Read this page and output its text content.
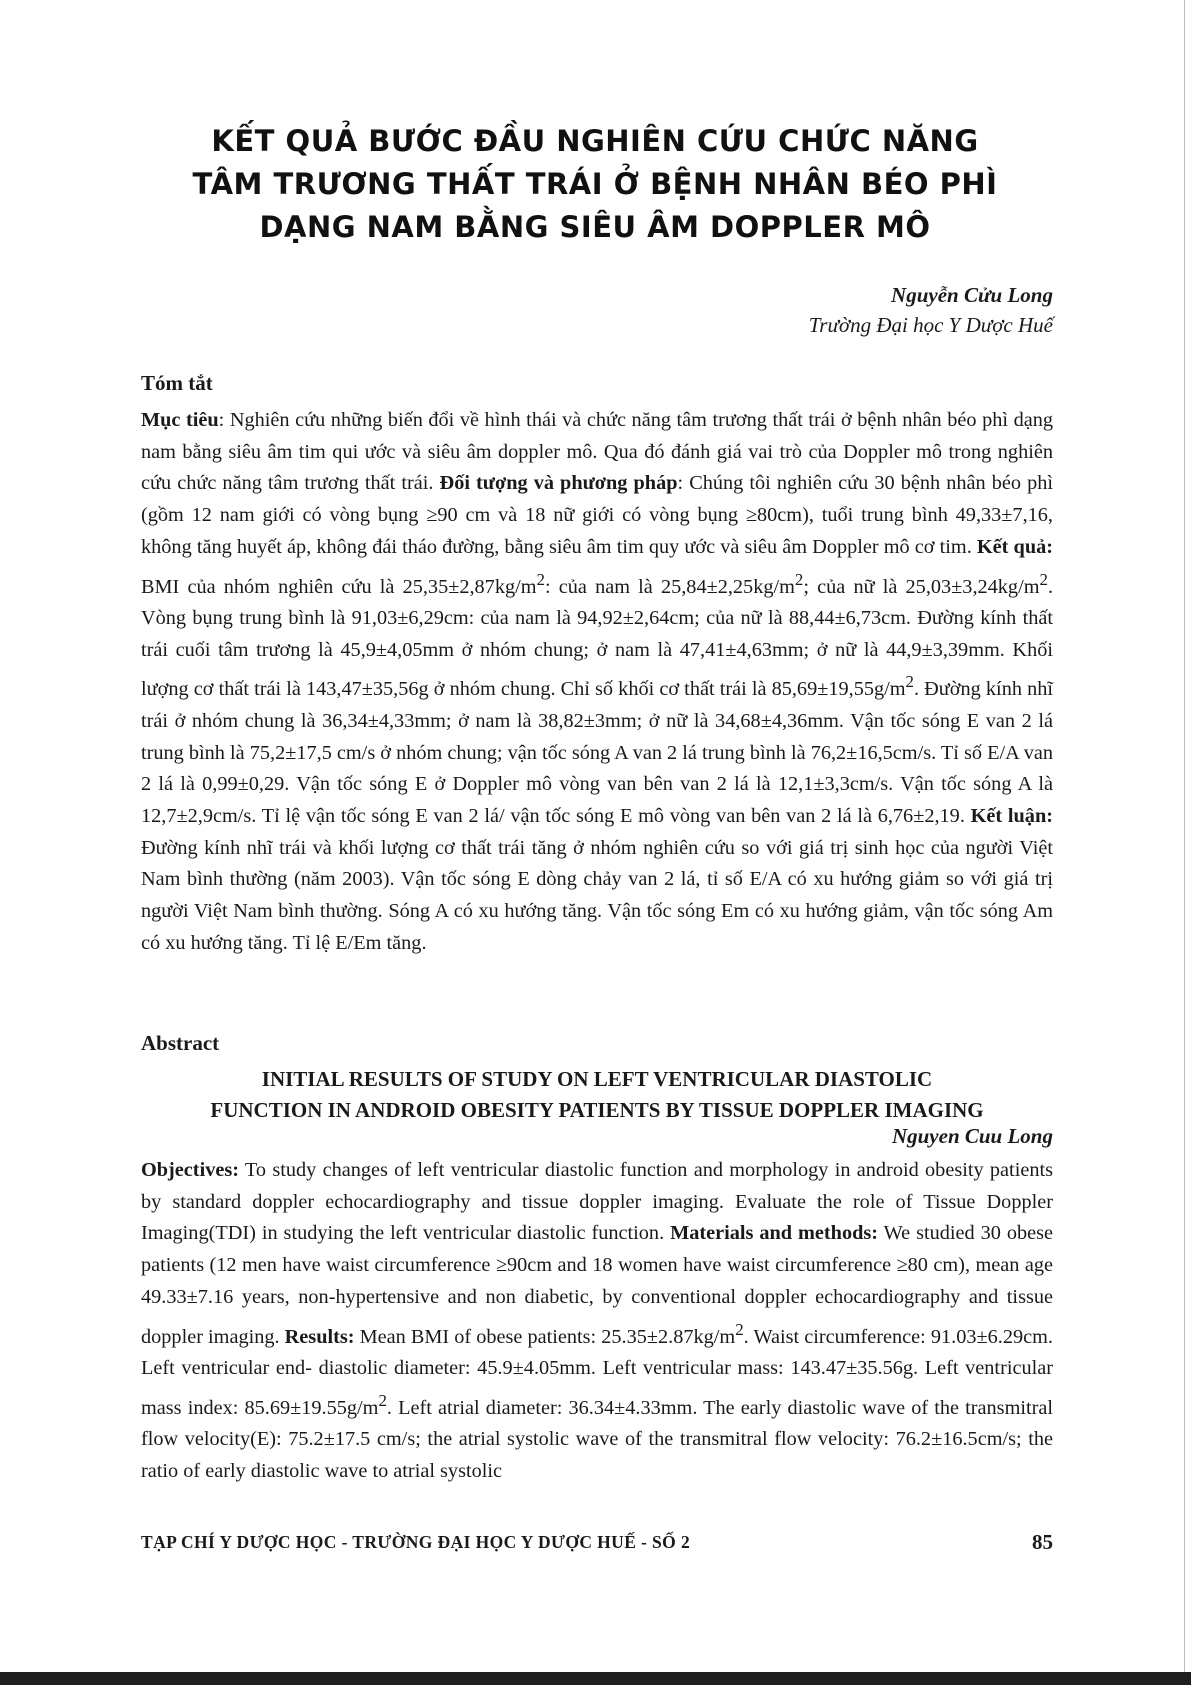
KẾT QUẢ BƯỚC ĐẦU NGHIÊN CỨU CHỨC NĂNG
TÂM TRƯƠNG THẤT TRÁI Ở BỆNH NHÂN BÉO PHÌ
DẠNG NAM BẰNG SIÊU ÂM DOPPLER MÔ
Nguyễn Cửu Long
Trường Đại học Y Dược Huế
Tóm tắt
Mục tiêu: Nghiên cứu những biến đổi về hình thái và chức năng tâm trương thất trái ở bệnh nhân béo phì dạng nam bằng siêu âm tim qui ước và siêu âm doppler mô. Qua đó đánh giá vai trò của Doppler mô trong nghiên cứu chức năng tâm trương thất trái. Đối tượng và phương pháp: Chúng tôi nghiên cứu 30 bệnh nhân béo phì (gồm 12 nam giới có vòng bụng ≥90 cm và 18 nữ giới có vòng bụng ≥80cm), tuổi trung bình 49,33±7,16, không tăng huyết áp, không đái tháo đường, bằng siêu âm tim quy ước và siêu âm Doppler mô cơ tim. Kết quả: BMI của nhóm nghiên cứu là $25,35\pm 2,87kg/m^2$: của nam là $25,84\pm 2,25kg/m^2$; của nữ là $25,03\pm 3,24kg/m^2$. Vòng bụng trung bình là 91,03±6,29cm: của nam là 94,92±2,64cm; của nữ là 88,44±6,73cm. Đường kính thất trái cuối tâm trương là 45,9±4,05mm ở nhóm chung; ở nam là 47,41±4,63mm; ở nữ là 44,9±3,39mm. Khối lượng cơ thất trái là 143,47±35,56g ở nhóm chung. Chỉ số khối cơ thất trái là $85,69\pm 19,55g/m^2$. Đường kính nhĩ trái ở nhóm chung là 36,34±4,33mm; ở nam là 38,82±3mm; ở nữ là 34,68±4,36mm. Vận tốc sóng E van 2 lá trung bình là 75,2±17,5 cm/s ở nhóm chung; vận tốc sóng A van 2 lá trung bình là 76,2±16,5cm/s. Tỉ số E/A van 2 lá là 0,99±0,29. Vận tốc sóng E ở Doppler mô vòng van bên van 2 lá là 12,1±3,3cm/s. Vận tốc sóng A là 12,7±2,9cm/s. Tỉ lệ vận tốc sóng E van 2 lá/ vận tốc sóng E mô vòng van bên van 2 lá là 6,76±2,19. Kết luận: Đường kính nhĩ trái và khối lượng cơ thất trái tăng ở nhóm nghiên cứu so với giá trị sinh học của người Việt Nam bình thường (năm 2003). Vận tốc sóng E dòng chảy van 2 lá, tỉ số E/A có xu hướng giảm so với giá trị người Việt Nam bình thường. Sóng A có xu hướng tăng. Vận tốc sóng Em có xu hướng giảm, vận tốc sóng Am có xu hướng tăng. Tỉ lệ E/Em tăng.
Abstract
INITIAL RESULTS OF STUDY ON LEFT VENTRICULAR DIASTOLIC
FUNCTION IN ANDROID OBESITY PATIENTS BY TISSUE DOPPLER IMAGING
Nguyen Cuu Long
Objectives: To study changes of left ventricular diastolic function and morphology in android obesity patients by standard doppler echocardiography and tissue doppler imaging. Evaluate the role of Tissue Doppler Imaging(TDI) in studying the left ventricular diastolic function. Materials and methods: We studied 30 obese patients (12 men have waist circumference ≥90cm and 18 women have waist circumference ≥80 cm), mean age 49.33±7.16 years, non-hypertensive and non diabetic, by conventional doppler echocardiography and tissue doppler imaging. Results: Mean BMI of obese patients: $25.35\pm 2.87kg/m^2$. Waist circumference: 91.03±6.29cm. Left ventricular end- diastolic diameter: 45.9±4.05mm. Left ventricular mass: 143.47±35.56g. Left ventricular mass index: $85.69\pm 19.55g/m^2$. Left atrial diameter: 36.34±4.33mm. The early diastolic wave of the transmitral flow velocity(E): 75.2±17.5 cm/s; the atrial systolic wave of the transmitral flow velocity: 76.2±16.5cm/s; the ratio of early diastolic wave to atrial systolic
TẠP CHÍ Y DƯỢC HỌC - TRƯỜNG ĐẠI HỌC Y DƯỢC HUẾ - SỐ 2	85
